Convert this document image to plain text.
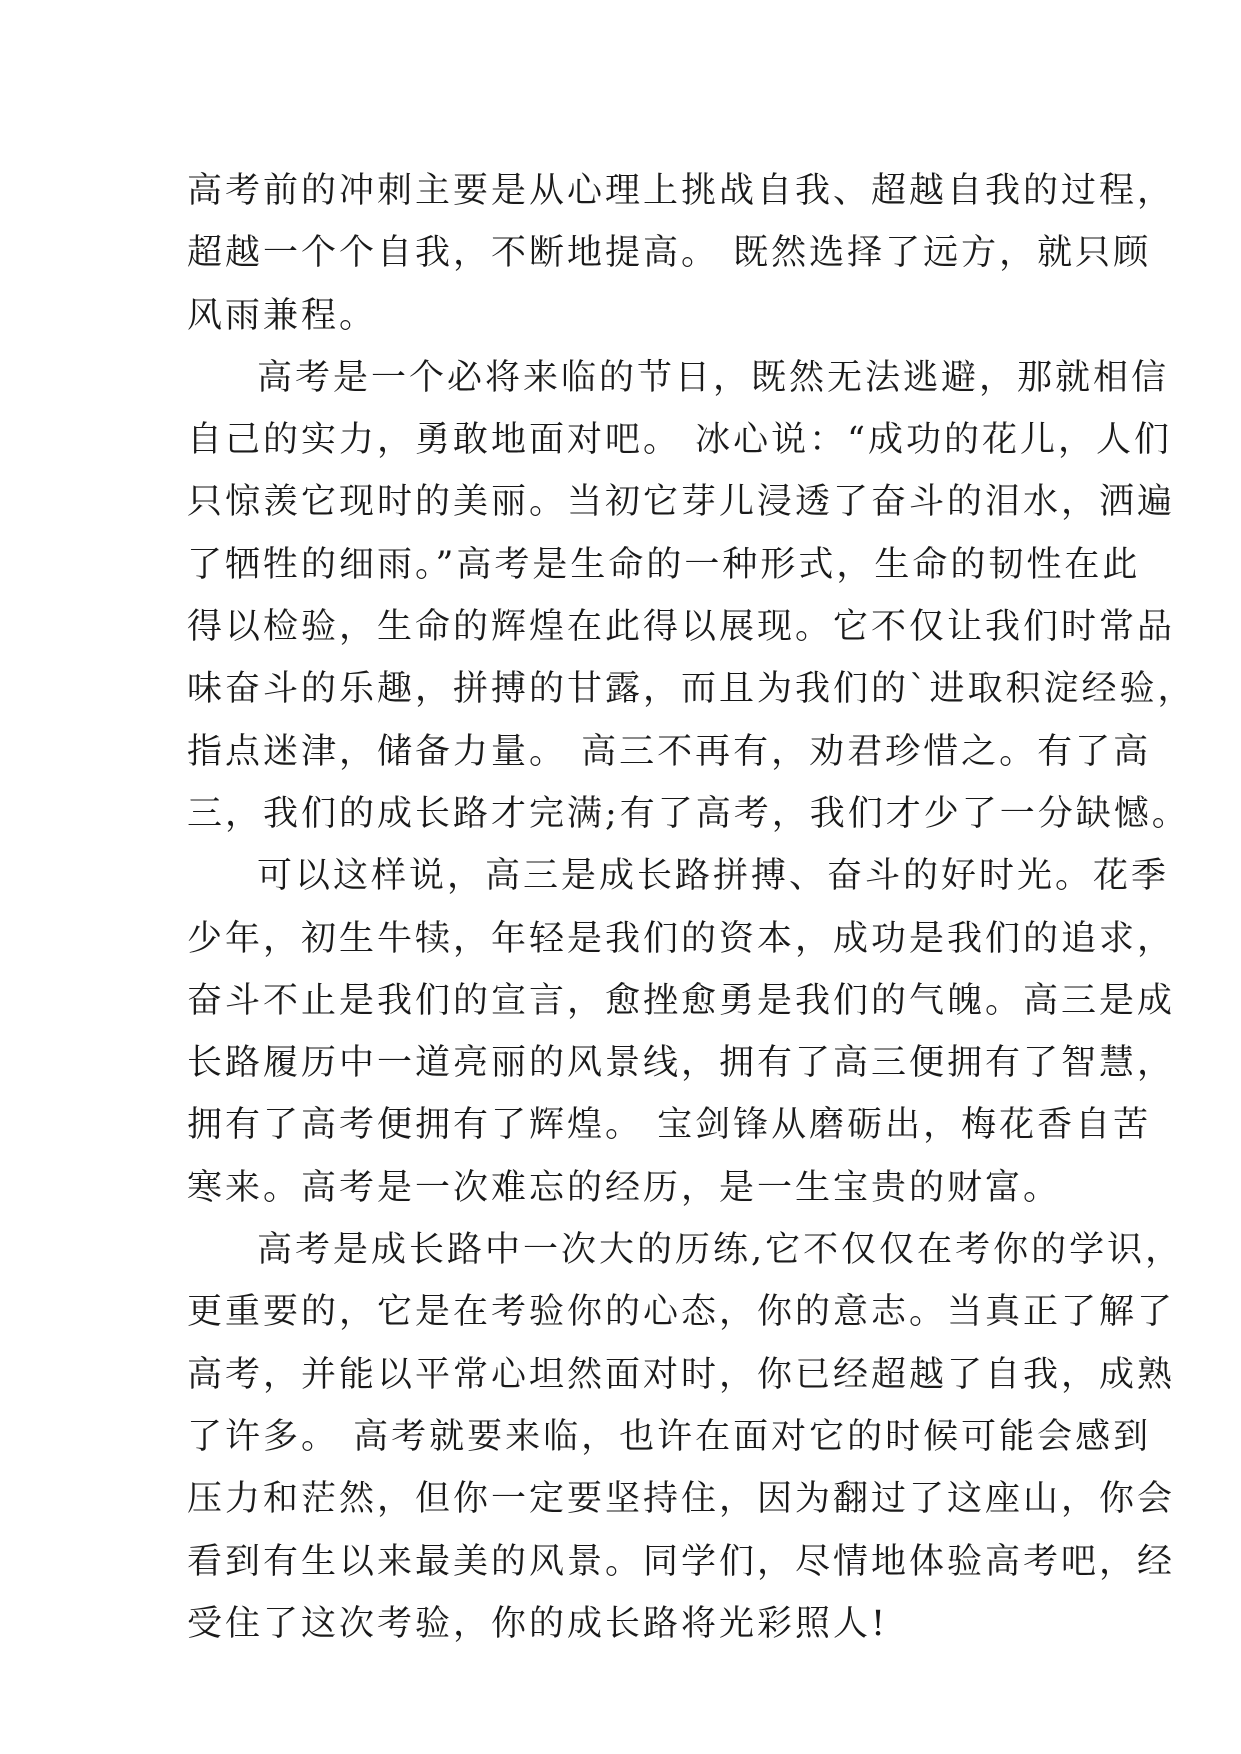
高考前的冲刺主要是从心理上挑战自我、超越自我的过程，
超越一个个自我，不断地提高。 既然选择了远方，就只顾
风雨兼程。
高考是一个必将来临的节日，既然无法逃避，那就相信
自己的实力，勇敢地面对吧。 冰心说：“成功的花儿，人们
只惊羡它现时的美丽。当初它芽儿浸透了奋斗的泪水，洒遍
了牺牲的细雨。”高考是生命的一种形式，生命的韧性在此
得以检验，生命的辉煌在此得以展现。它不仅让我们时常品
味奋斗的乐趣，拼搏的甘露，而且为我们的`进取积淀经验，
指点迷津，储备力量。 高三不再有，劝君珍惜之。有了高
三，我们的成长路才完满;有了高考，我们才少了一分缺憾。
可以这样说，高三是成长路拼搏、奋斗的好时光。花季
少年，初生牛犊，年轻是我们的资本，成功是我们的追求，
奋斗不止是我们的宣言，愈挫愈勇是我们的气魄。高三是成
长路履历中一道亮丽的风景线，拥有了高三便拥有了智慧，
拥有了高考便拥有了辉煌。 宝剑锋从磨砺出，梅花香自苦
寒来。高考是一次难忘的经历，是一生宝贵的财富。
高考是成长路中一次大的历练,它不仅仅在考你的学识，
更重要的，它是在考验你的心态，你的意志。当真正了解了
高考，并能以平常心坦然面对时，你已经超越了自我，成熟
了许多。 高考就要来临，也许在面对它的时候可能会感到
压力和茫然，但你一定要坚持住，因为翻过了这座山，你会
看到有生以来最美的风景。同学们，尽情地体验高考吧，经
受住了这次考验，你的成长路将光彩照人!
